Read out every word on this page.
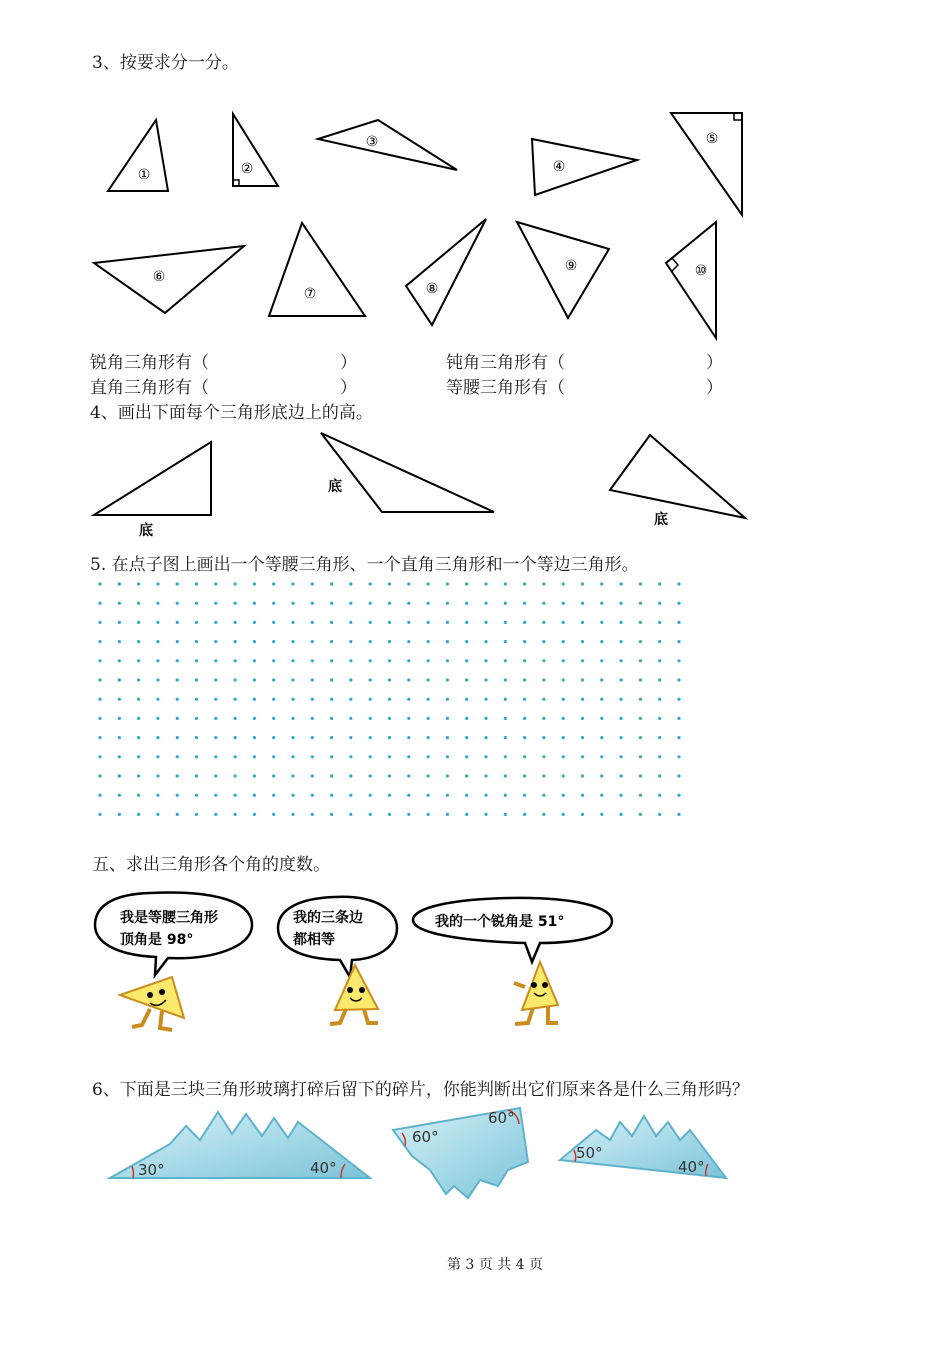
3、按要求分一分。
①	②
③
④
⑤
⑥
⑦	⑧
⑨	⑩
锐角三角形有（	）	钝角三角形有（	）
直角三角形有（	）	等腰三角形有（	）
4、画出下面每个三角形底边上的高。
底
底
底
5. 在点子图上画出一个等腰三角形、一个直角三角形和一个等边三角形。
五、求出三角形各个角的度数。
我是等腰三角形
顶角是 98°
我的三条边
都相等
我的一个锐角是 51°
6、下面是三块三角形玻璃打碎后留下的碎片，你能判断出它们原来各是什么三角形吗？
30°	40°
60°
60°
50°
40°
第 3 页 共 4 页
